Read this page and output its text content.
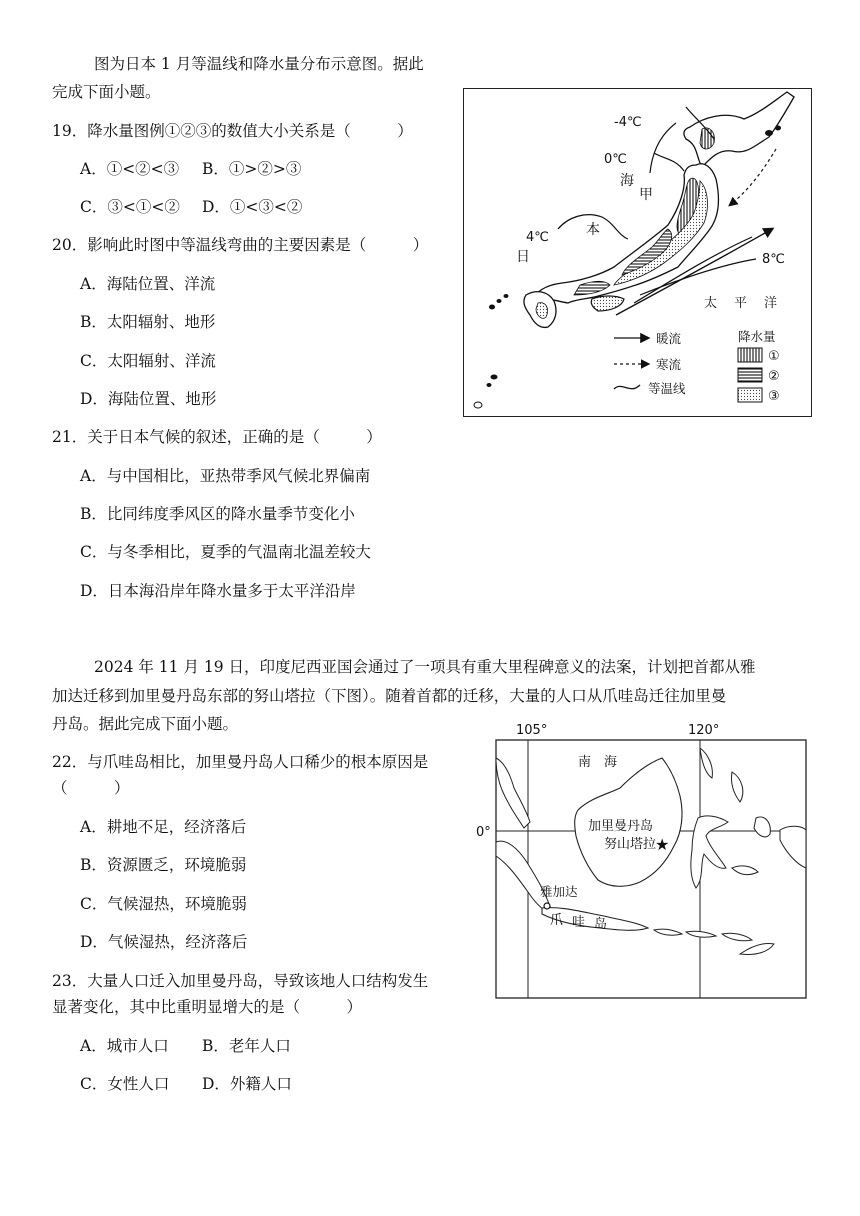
图为日本 1 月等温线和降水量分布示意图。据此
完成下面小题。
19．降水量图例①②③的数值大小关系是（　　　）
A．①<②<③ B．①>②>③
C．③<①<② D．①<③<②
20．影响此时图中等温线弯曲的主要因素是（　　　）
A．海陆位置、洋流
B．太阳辐射、地形
C．太阳辐射、洋流
D．海陆位置、地形
21．关于日本气候的叙述，正确的是（　　　）
A．与中国相比，亚热带季风气候北界偏南
B．比同纬度季风区的降水量季节变化小
C．与冬季相比，夏季的气温南北温差较大
D．日本海沿岸年降水量多于太平洋沿岸
-4℃
0℃
4℃
8℃
日
本
海
甲
太 平 洋
暖流
寒流
等温线
降水量
①
②
③
2024 年 11 月 19 日，印度尼西亚国会通过了一项具有重大里程碑意义的法案，计划把首都从雅
加达迁移到加里曼丹岛东部的努山塔拉（下图）。随着首都的迁移，大量的人口从爪哇岛迁往加里曼
丹岛。据此完成下面小题。
22．与爪哇岛相比，加里曼丹岛人口稀少的根本原因是
（　　　）
A．耕地不足，经济落后
B．资源匮乏，环境脆弱
C．气候湿热，环境脆弱
D．气候湿热，经济落后
23．大量人口迁入加里曼丹岛，导致该地人口结构发生
显著变化，其中比重明显增大的是（　　　）
A．城市人口 B．老年人口
C．女性人口 D．外籍人口
105°	120°
0°
南　海
加里曼丹岛
努山塔拉
★
雅加达
爪 哇 岛
